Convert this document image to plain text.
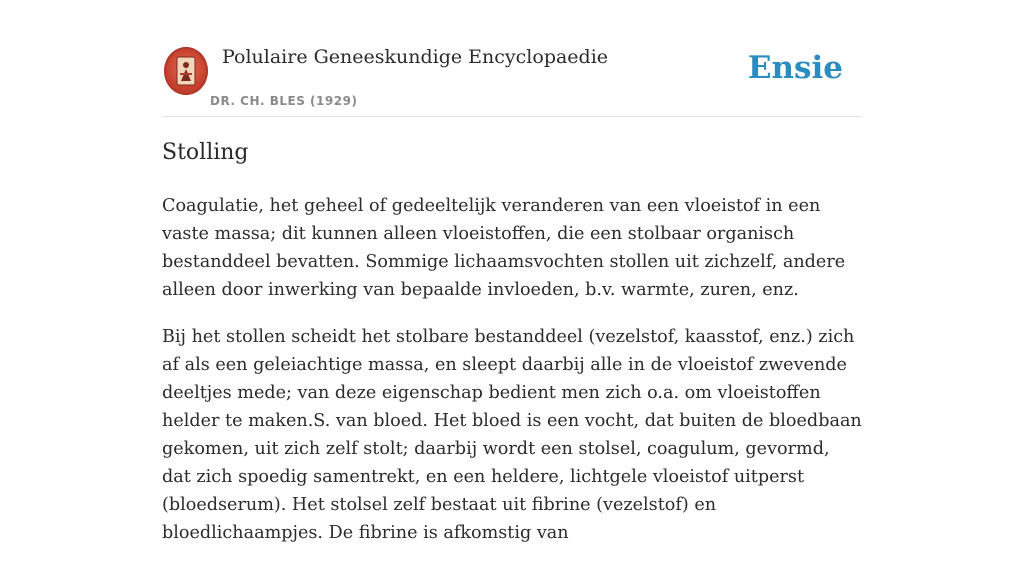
Polulaire Geneeskundige Encyclopaedie
DR. CH. BLES (1929)
Ensie
Stolling

Coagulatie, het geheel of gedeeltelijk veranderen van een vloeistof in een vaste massa; dit kunnen alleen vloeistoffen, die een stolbaar organisch bestanddeel bevatten. Sommige lichaamsvochten stollen uit zichzelf, andere alleen door inwerking van bepaalde invloeden, b.v. warmte, zuren, enz.

Bij het stollen scheidt het stolbare bestanddeel (vezelstof, kaasstof, enz.) zich af als een geleiachtige massa, en sleept daarbij alle in de vloeistof zwevende deeltjes mede; van deze eigenschap bedient men zich o.a. om vloeistoffen helder te maken.S. van bloed. Het bloed is een vocht, dat buiten de bloedbaan gekomen, uit zich zelf stolt; daarbij wordt een stolsel, coagulum, gevormd, dat zich spoedig samentrekt, en een heldere, lichtgele vloeistof uitperst (bloedserum). Het stolsel zelf bestaat uit fibrine (vezelstof) en bloedlichaampjes. De fibrine is afkomstig van
